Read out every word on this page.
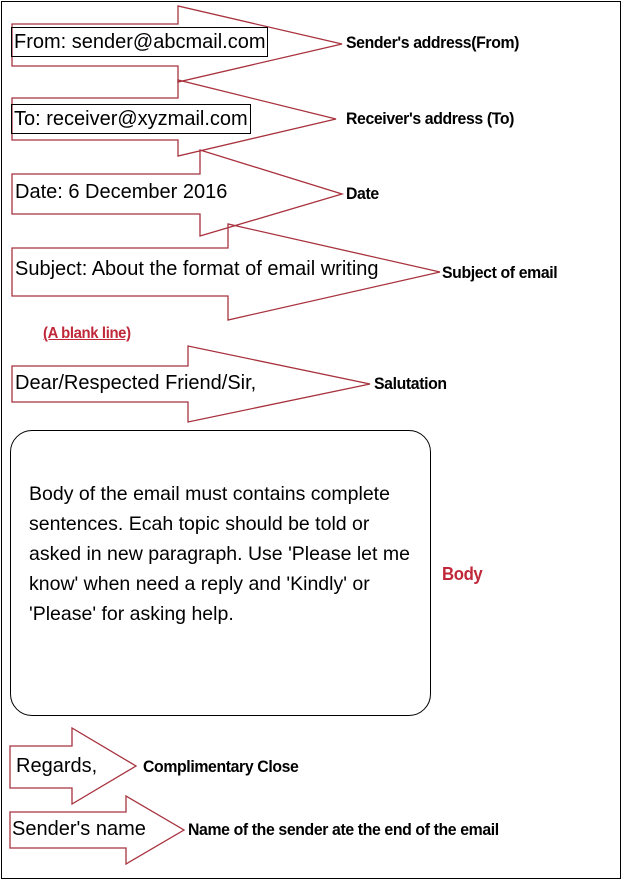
From: sender@abcmail.com	Sender's address(From)
To: receiver@xyzmail.com	Receiver's address (To)
Date: 6 December 2016	Date
Subject: About the format of email writing	Subject of email
(A blank line)
Dear/Respected Friend/Sir,	Salutation

Body of the email must contains complete

sentences. Ecah topic should be told or

asked in new paragraph. Use 'Please let me

know' when need a reply and 'Kindly' or

'Please' for asking help.

Body
Regards,	Complimentary Close
Sender's name Name of the sender ate the end of the email
